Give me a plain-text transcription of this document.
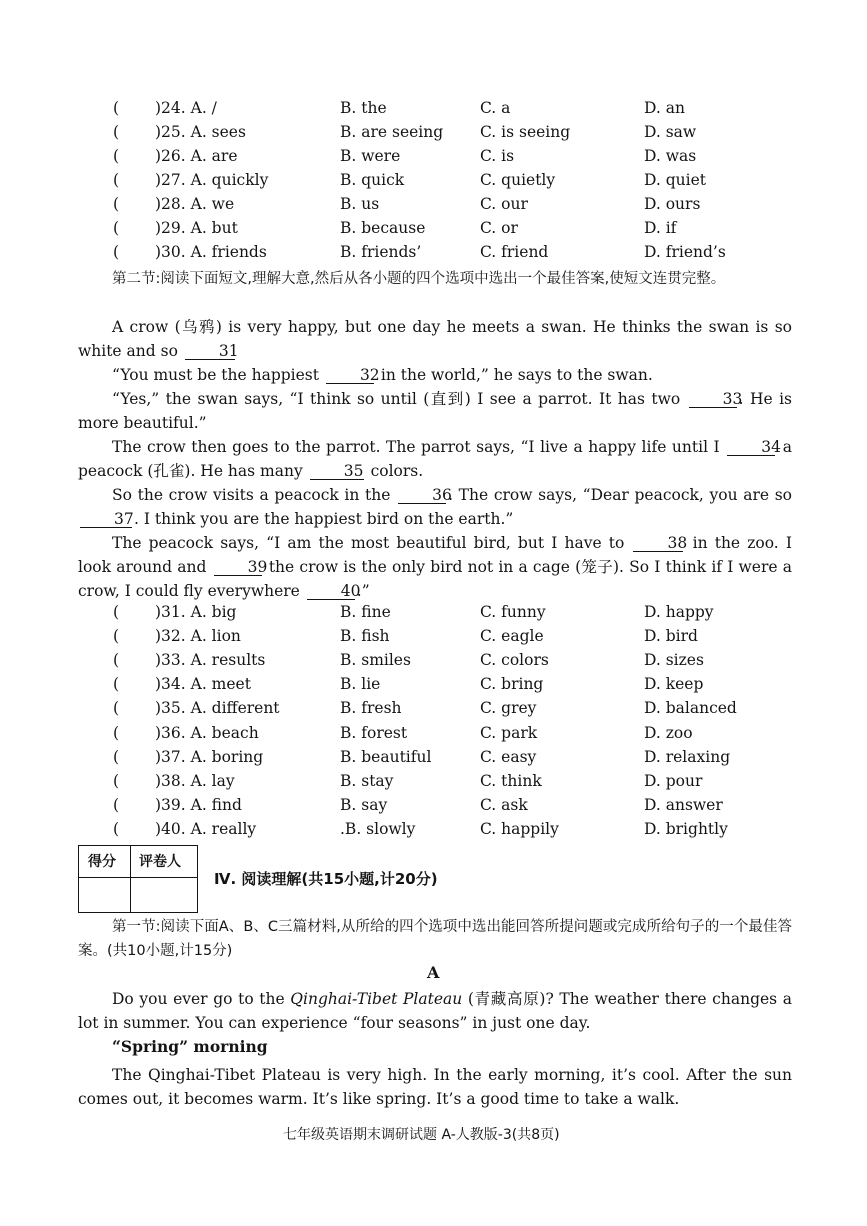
( )24. A. /	B. the	C. a	D. an
( )25. A. sees	B. are seeing C. is seeing	D. saw
( )26. A. are	B. were	C. is	D. was
( )27. A. quickly	B. quick	C. quietly	D. quiet
( )28. A. we	B. us	C. our	D. ours
( )29. A. but	B. because	C. or	D. if
( )30. A. friends	B. friends’	C. friend	D. friend’s
第二节:阅读下面短文,理解大意,然后从各小题的四个选项中选出一个最佳答案,使短文连贯完整。
A crow (乌鸦) is very happy, but one day he meets a swan. He thinks the swan is so white and so	31
“You must be the happiest	32 in the world,” he says to the swan.
“Yes,” the swan says, “I think so until (直到) I see a parrot. It has two	33. He is more beautiful.”
The crow then goes to the parrot. The parrot says, “I live a happy life until I	34 a peacock (孔雀). He has many	35 colors.
So the crow visits a peacock in the	36. The crow says, “Dear peacock, you are so 37. I think you are the happiest bird on the earth.”
The peacock says, “I am the most beautiful bird, but I have to	38 in the zoo. I look around and	39 the crow is the only bird not in a cage (笼子). So I think if I were a crow, I could fly everywhere	40.”
( )31. A. big	B. fine	C. funny	D. happy
( )32. A. lion	B. fish	C. eagle	D. bird
( )33. A. results	B. smiles	C. colors	D. sizes
( )34. A. meet	B. lie	C. bring	D. keep
( )35. A. different	B. fresh	C. grey	D. balanced
( )36. A. beach	B. forest	C. park	D. zoo
( )37. A. boring	B. beautiful	C. easy	D. relaxing
( )38. A. lay	B. stay	C. think	D. pour
( )39. A. find	B. say	C. ask	D. answer
( )40. A. really	.B. slowly	C. happily	D. brightly
得分 评卷人
Ⅳ. 阅读理解(共15小题,计20分)
第一节:阅读下面A、B、C三篇材料,从所给的四个选项中选出能回答所提问题或完成所给句子的一个最佳答案。(共10小题,计15分)
A
Do you ever go to the Qinghai-Tibet Plateau (青藏高原)? The weather there changes a lot in summer. You can experience “four seasons” in just one day.
“Spring” morning
The Qinghai-Tibet Plateau is very high. In the early morning, it’s cool. After the sun comes out, it becomes warm. It’s like spring. It’s a good time to take a walk.
七年级英语期末调研试题 A-人教版-3(共8页)
